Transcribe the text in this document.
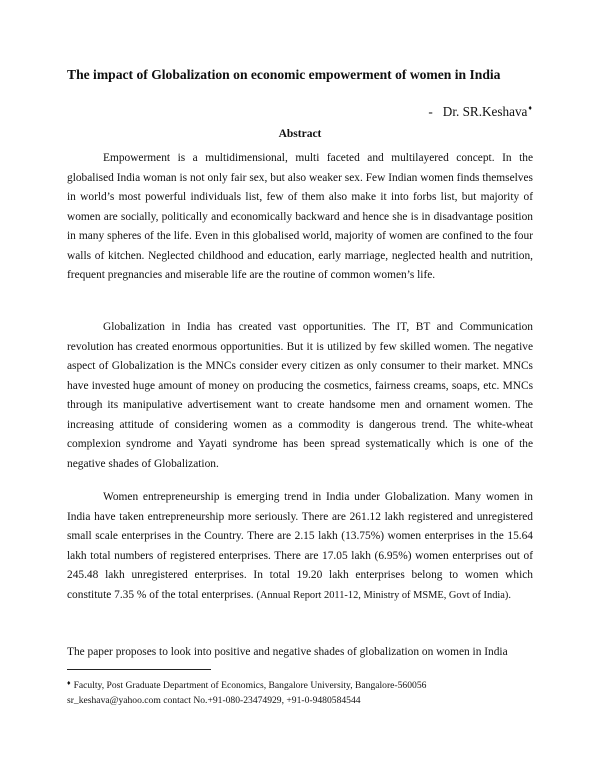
The impact of Globalization on economic empowerment of women in India
- Dr. SR.Keshava♦
Abstract

Empowerment is a multidimensional, multi faceted and multilayered concept. In the globalised India woman is not only fair sex, but also weaker sex. Few Indian women finds themselves in world’s most powerful individuals list, few of them also make it into forbs list, but majority of women are socially, politically and economically backward and hence she is in disadvantage position in many spheres of the life. Even in this globalised world, majority of women are confined to the four walls of kitchen. Neglected childhood and education, early marriage, neglected health and nutrition, frequent pregnancies and miserable life are the routine of common women’s life.

Globalization in India has created vast opportunities. The IT, BT and Communication revolution has created enormous opportunities. But it is utilized by few skilled women. The negative aspect of Globalization is the MNCs consider every citizen as only consumer to their market. MNCs have invested huge amount of money on producing the cosmetics, fairness creams, soaps, etc. MNCs through its manipulative advertisement want to create handsome men and ornament women. The increasing attitude of considering women as a commodity is dangerous trend. The white-wheat complexion syndrome and Yayati syndrome has been spread systematically which is one of the negative shades of Globalization.

Women entrepreneurship is emerging trend in India under Globalization. Many women in India have taken entrepreneurship more seriously. There are 261.12 lakh registered and unregistered small scale enterprises in the Country. There are 2.15 lakh (13.75%) women enterprises in the 15.64 lakh total numbers of registered enterprises. There are 17.05 lakh (6.95%) women enterprises out of 245.48 lakh unregistered enterprises. In total 19.20 lakh enterprises belong to women which constitute 7.35 % of the total enterprises. (Annual Report 2011-12, Ministry of MSME, Govt of India).

The paper proposes to look into positive and negative shades of globalization on women in India

♦ Faculty, Post Graduate Department of Economics, Bangalore University, Bangalore-560056
sr_keshava@yahoo.com contact No.+91-080-23474929, +91-0-9480584544
